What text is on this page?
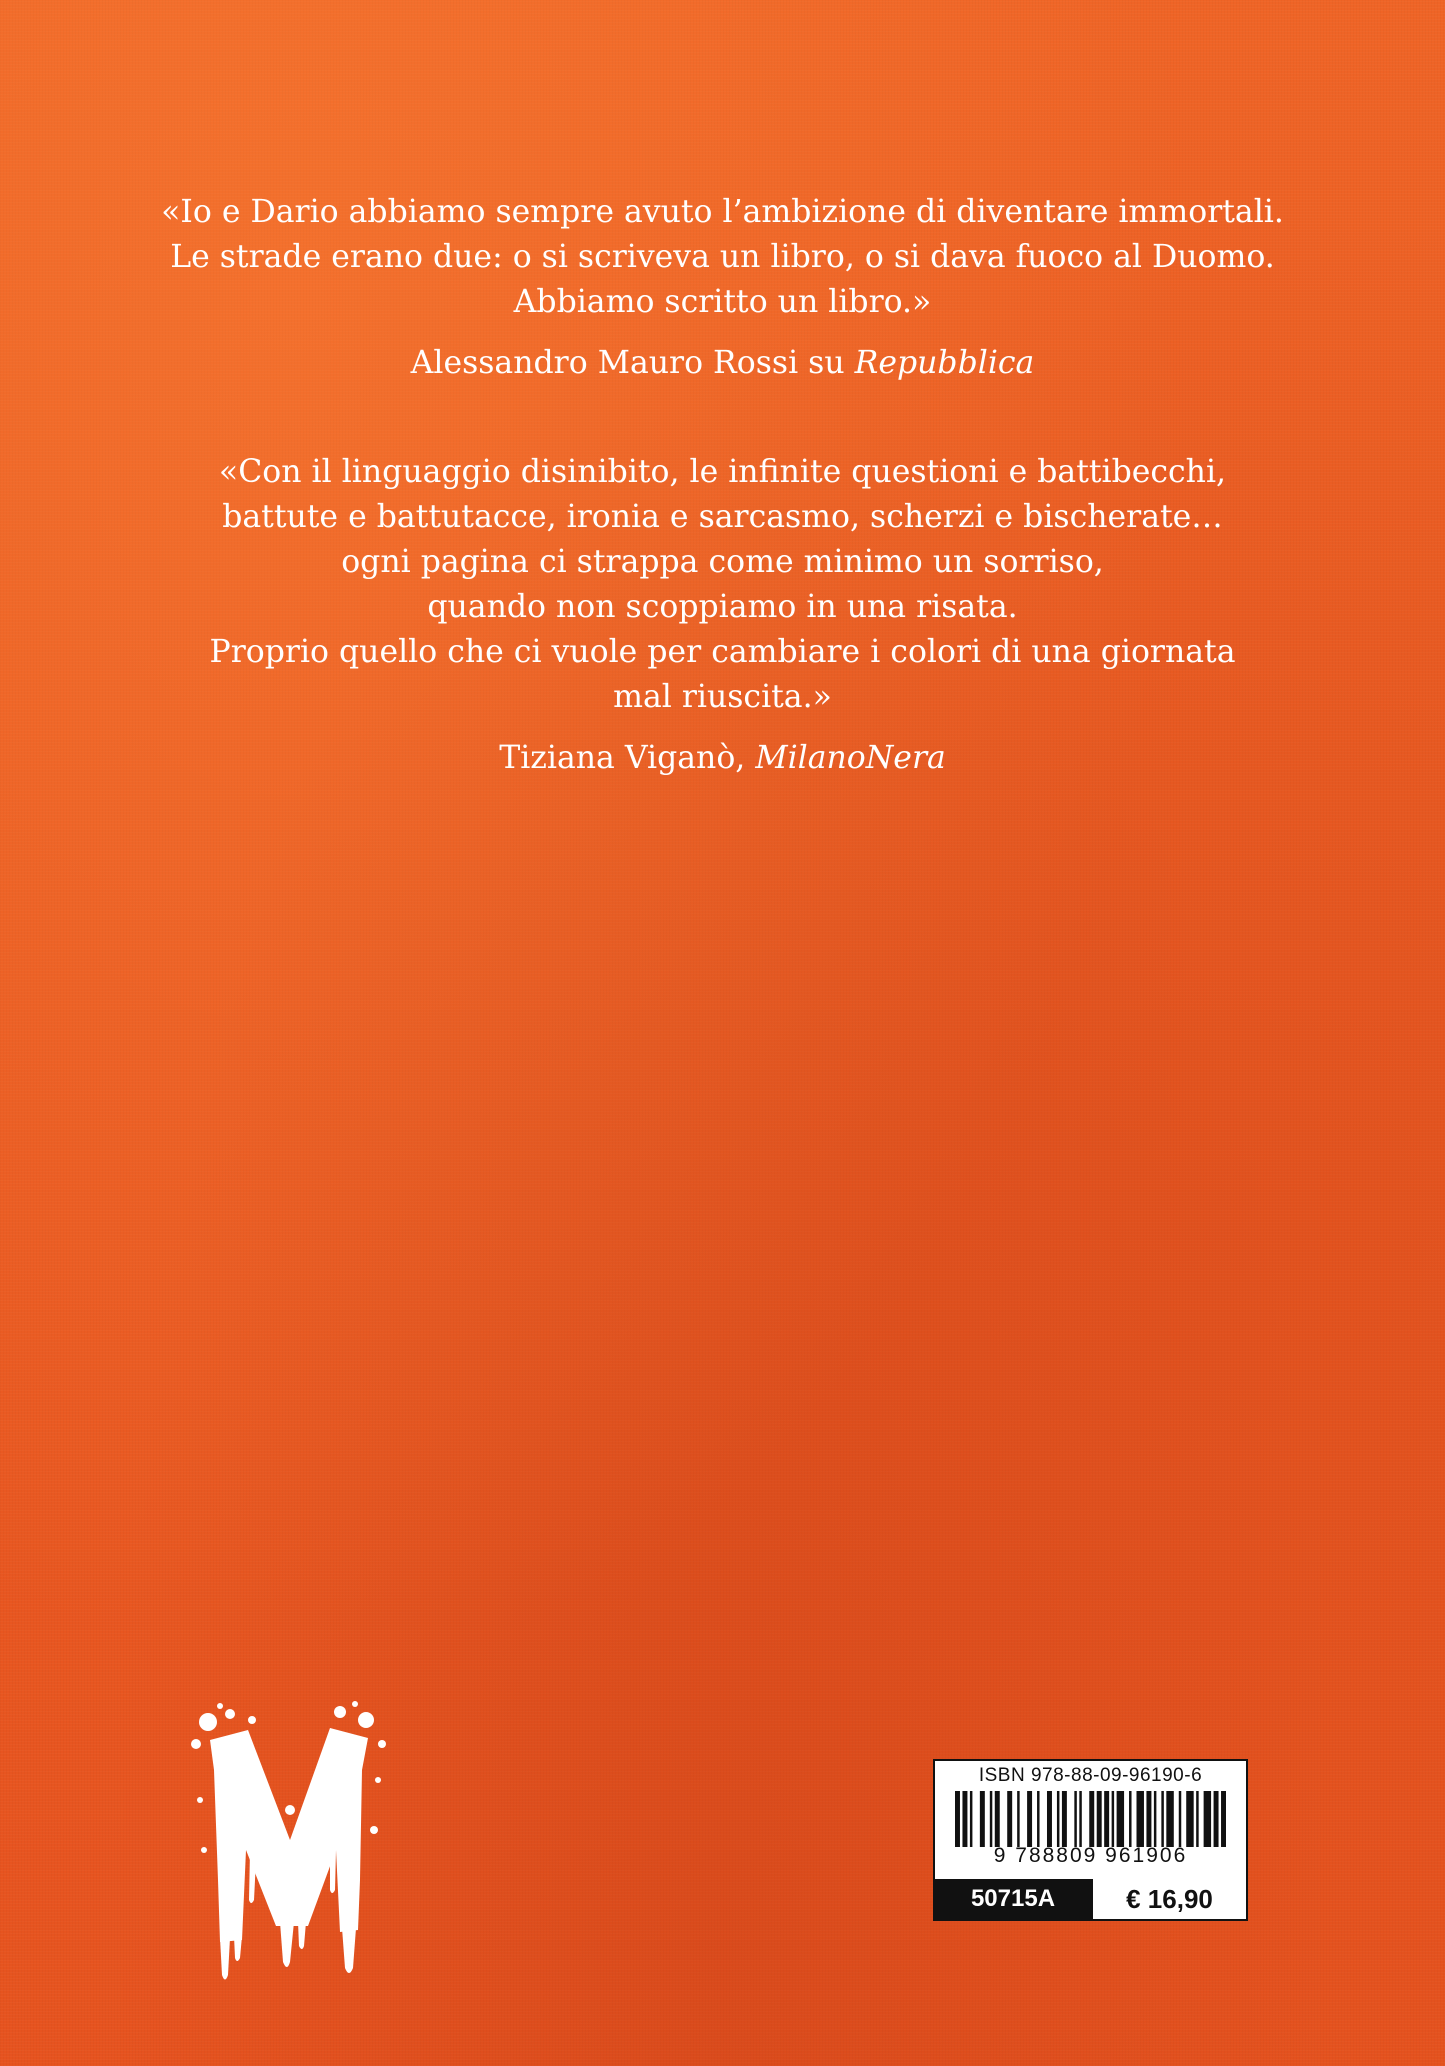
«Io e Dario abbiamo sempre avuto l’ambizione di diventare immortali.
Le strade erano due: o si scriveva un libro, o si dava fuoco al Duomo.
Abbiamo scritto un libro.»

Alessandro Mauro Rossi su Repubblica

«Con il linguaggio disinibito, le infinite questioni e battibecchi,
battute e battutacce, ironia e sarcasmo, scherzi e bischerate…
ogni pagina ci strappa come minimo un sorriso,
quando non scoppiamo in una risata.
Proprio quello che ci vuole per cambiare i colori di una giornata
mal riuscita.»

Tiziana Viganò, MilanoNera

ISBN 978-88-09-96190-6
9 788809 961906
50715A	€ 16,90
